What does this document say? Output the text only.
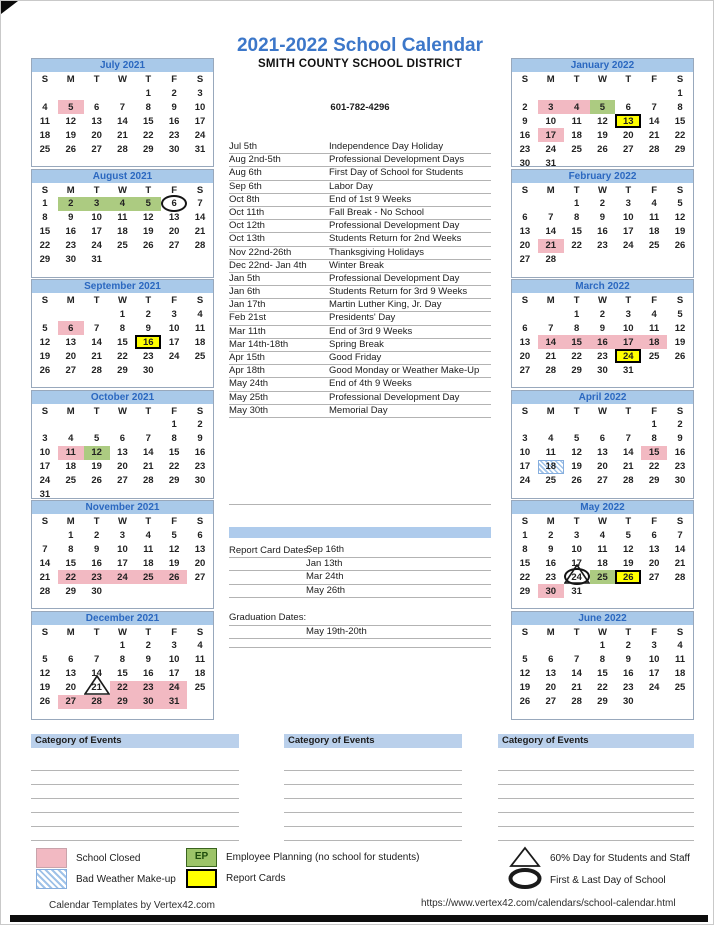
July 2021
S	M	T	W	T	F	S
				1	2	3
4	5	6	7	8	9	10
11	12	13	14	15	16	17
18	19	20	21	22	23	24
25	26	27	28	29	30	31
August 2021
S	M	T	W	T	F	S
1	2	3	4	5	6	7
8	9	10	11	12	13	14
15	16	17	18	19	20	21
22	23	24	25	26	27	28
29	30	31				
September 2021
S	M	T	W	T	F	S
			1	2	3	4
5	6	7	8	9	10	11
12	13	14	15	16	17	18
19	20	21	22	23	24	25
26	27	28	29	30		
October 2021
S	M	T	W	T	F	S
					1	2
3	4	5	6	7	8	9
10	11	12	13	14	15	16
17	18	19	20	21	22	23
24	25	26	27	28	29	30
31						
November 2021
S	M	T	W	T	F	S
	1	2	3	4	5	6
7	8	9	10	11	12	13
14	15	16	17	18	19	20
21	22	23	24	25	26	27
28	29	30				
December 2021
S	M	T	W	T	F	S
			1	2	3	4
5	6	7	8	9	10	11
12	13	14	15	16	17	18
19	20	21	22	23	24	25
26	27	28	29	30	31	
January 2022
S	M	T	W	T	F	S
						1
2	3	4	5	6	7	8
9	10	11	12	13	14	15
16	17	18	19	20	21	22
23	24	25	26	27	28	29
30	31					
February 2022
S	M	T	W	T	F	S
		1	2	3	4	5
6	7	8	9	10	11	12
13	14	15	16	17	18	19
20	21	22	23	24	25	26
27	28					
March 2022
S	M	T	W	T	F	S
		1	2	3	4	5
6	7	8	9	10	11	12
13	14	15	16	17	18	19
20	21	22	23	24	25	26
27	28	29	30	31		
April 2022
S	M	T	W	T	F	S
					1	2
3	4	5	6	7	8	9
10	11	12	13	14	15	16
17	18	19	20	21	22	23
24	25	26	27	28	29	30
May 2022
S	M	T	W	T	F	S
1	2	3	4	5	6	7
8	9	10	11	12	13	14
15	16	17	18	19	20	21
22	23	24	25	26	27	28
29	30	31				
June 2022
S	M	T	W	T	F	S
			1	2	3	4
5	6	7	8	9	10	11
12	13	14	15	16	17	18
19	20	21	22	23	24	25
26	27	28	29	30		
2021-2022 School Calendar
SMITH COUNTY SCHOOL DISTRICT
601-782-4296
Jul 5th	Independence Day Holiday
Aug 2nd-5th	Professional Development Days
Aug 6th	First Day of School for Students
Sep 6th	Labor Day
Oct 8th	End of 1st 9 Weeks
Oct 11th	Fall Break - No School
Oct 12th	Professional Development Day
Oct 13th	Students Return for 2nd Weeks
Nov 22nd-26th	Thanksgiving Holidays
Dec 22nd- Jan 4th	Winter Break
Jan 5th	Professional Development Day
Jan 6th	Students Return for 3rd 9 Weeks
Jan 17th	Martin Luther King, Jr. Day
Feb 21st	Presidents' Day
Mar 11th	End of 3rd 9 Weeks
Mar 14th-18th	Spring Break
Apr 15th	Good Friday
Apr 18th	Good Monday or Weather Make-Up
May 24th	End of 4th 9 Weeks
May 25th	Professional Development Day
May 30th	Memorial Day
Report Card Dates:
Sep 16th
Jan 13th
Mar 24th
May 26th
Graduation Dates:
May 19th-20th
Category of Events	Category of Events	Category of Events
School Closed
Bad Weather Make-up
EP	Employee Planning (no school for students)
Report Cards
60% Day for Students and Staff
First & Last Day of School
Calendar Templates by Vertex42.com	https://www.vertex42.com/calendars/school-calendar.html
